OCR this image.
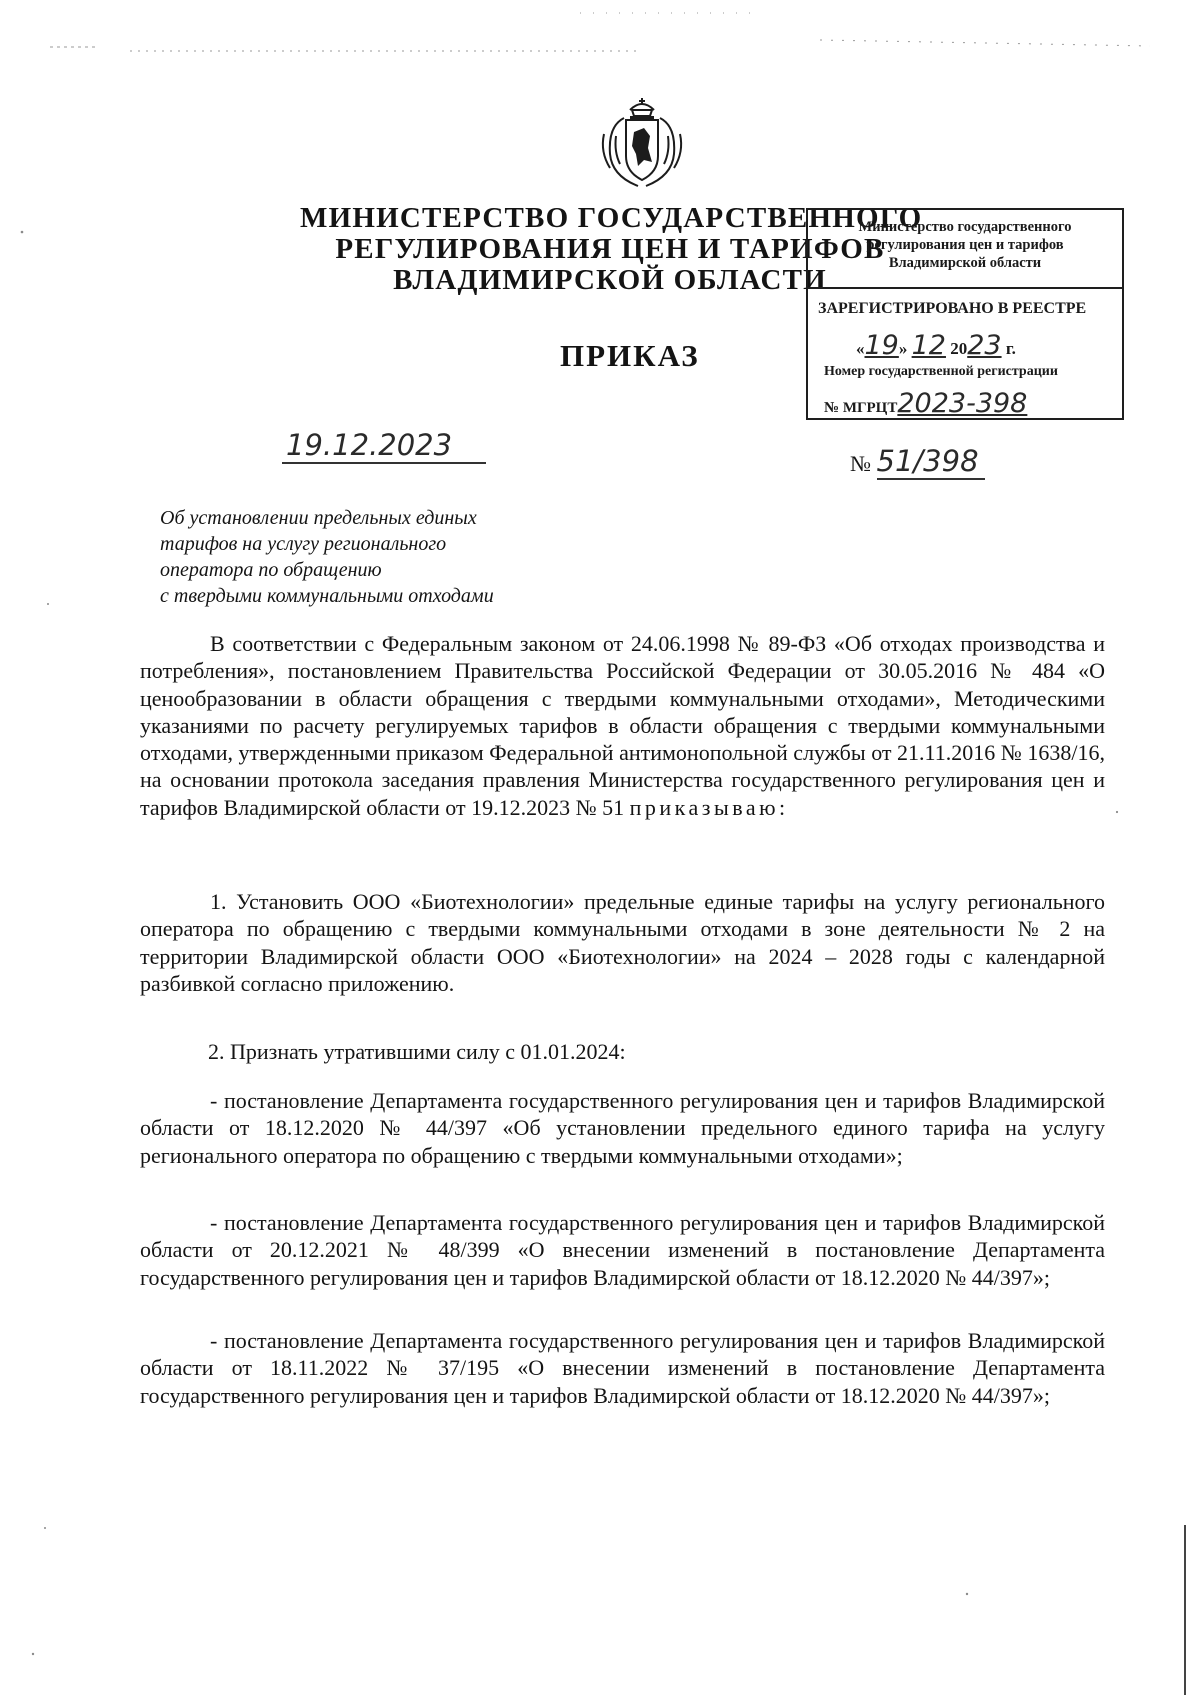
МИНИСТЕРСТВО ГОСУДАРСТВЕННОГО
РЕГУЛИРОВАНИЯ ЦЕН И ТАРИФОВ
ВЛАДИМИРСКОЙ ОБЛАСТИ
Министерство государственного
регулирования цен и тарифов
Владимирской области
ЗАРЕГИСТРИРОВАНО В РЕЕСТРЕ
«19» 12 2023 г.
Номер государственной регистрации
№ МГРЦТ2023-398
ПРИКАЗ
19.12.2023
№ 51/398
Об установлении предельных единых
тарифов на услугу регионального
оператора по обращению
с твердыми коммунальными отходами
В соответствии с Федеральным законом от 24.06.1998 № 89-ФЗ «Об отходах производства и потребления», постановлением Правительства Российской Федерации от 30.05.2016 № 484 «О ценообразовании в области обращения с твердыми коммунальными отходами», Методическими указаниями по расчету регулируемых тарифов в области обращения с твердыми коммунальными отходами, утвержденными приказом Федеральной антимонопольной службы от 21.11.2016 № 1638/16, на основании протокола заседания правления Министерства государственного регулирования цен и тарифов Владимирской области от 19.12.2023 № 51 приказываю:
1. Установить ООО «Биотехнологии» предельные единые тарифы на услугу регионального оператора по обращению с твердыми коммунальными отходами в зоне деятельности № 2 на территории Владимирской области ООО «Биотехнологии» на 2024 – 2028 годы с календарной разбивкой согласно приложению.
2. Признать утратившими силу с 01.01.2024:
- постановление Департамента государственного регулирования цен и тарифов Владимирской области от 18.12.2020 № 44/397 «Об установлении предельного единого тарифа на услугу регионального оператора по обращению с твердыми коммунальными отходами»;
- постановление Департамента государственного регулирования цен и тарифов Владимирской области от 20.12.2021 № 48/399 «О внесении изменений в постановление Департамента государственного регулирования цен и тарифов Владимирской области от 18.12.2020 № 44/397»;
- постановление Департамента государственного регулирования цен и тарифов Владимирской области от 18.11.2022 № 37/195 «О внесении изменений в постановление Департамента государственного регулирования цен и тарифов Владимирской области от 18.12.2020 № 44/397»;
